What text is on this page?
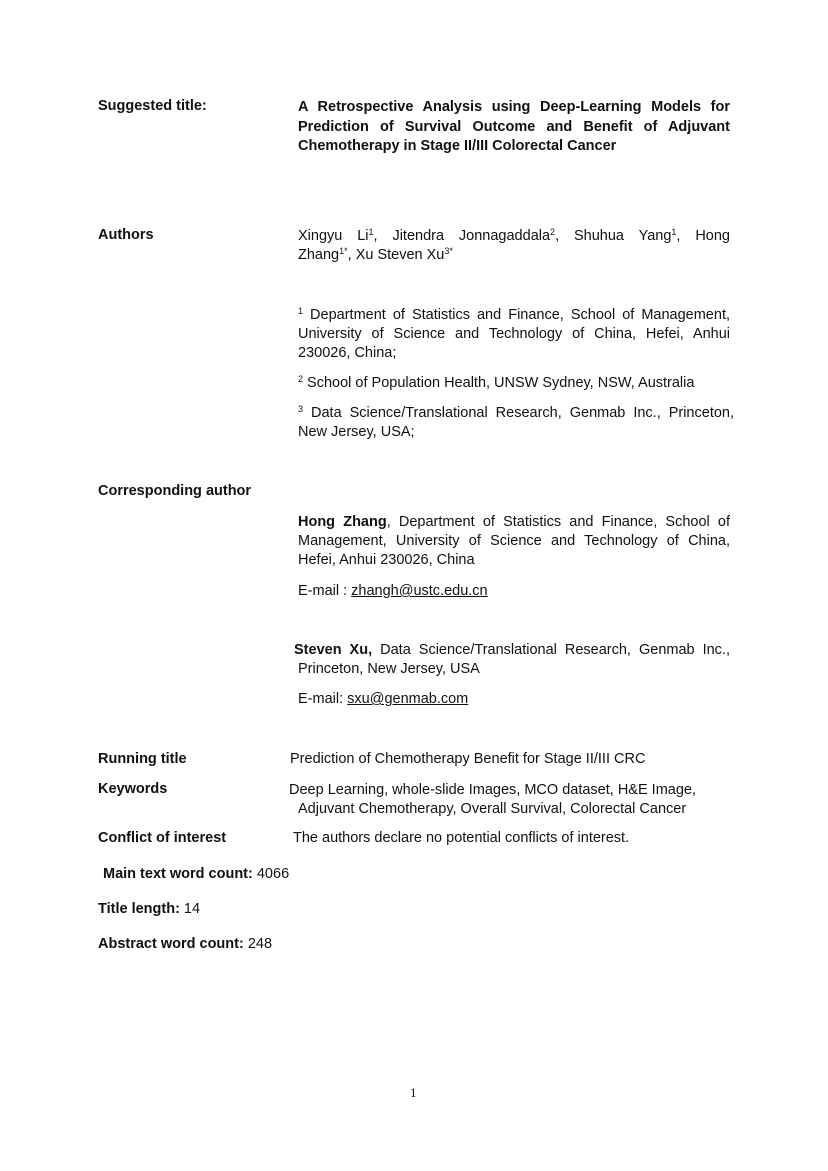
Suggested title:	A Retrospective Analysis using Deep-Learning Models for
Prediction of Survival Outcome and Benefit of Adjuvant
Chemotherapy in Stage II/III Colorectal Cancer
Authors	Xingyu Li$^1$, Jitendra Jonnagaddala$^2$, Shuhua Yang$^1$, Hong
Zhang$^{1*}$, Xu Steven $Xu^{3*}$
$^1$ Department of Statistics and Finance, School of Management,
University of Science and Technology of China, Hefei, Anhui
230026, China;
$^2$ School of Population Health, UNSW Sydney, NSW, Australia
$^3$ Data Science/Translational Research, Genmab Inc., Princeton,
New Jersey, USA;
Corresponding author
Hong Zhang, Department of Statistics and Finance, School of
Management, University of Science and Technology of China,
Hefei, Anhui 230026, China
E-mail : zhangh@ustc.edu.cn
Steven Xu, Data Science/Translational Research, Genmab Inc.,
Princeton, New Jersey, USA
E-mail: sxu@genmab.com
Running title	Prediction of Chemotherapy Benefit for Stage II/III CRC
Keywords	Deep Learning, whole-slide Images, MCO dataset, H&E Image,
Adjuvant Chemotherapy, Overall Survival, Colorectal Cancer
Conflict of interest	The authors declare no potential conflicts of interest.
Main text word count: 4066
Title length: 14
Abstract word count: 248
1
